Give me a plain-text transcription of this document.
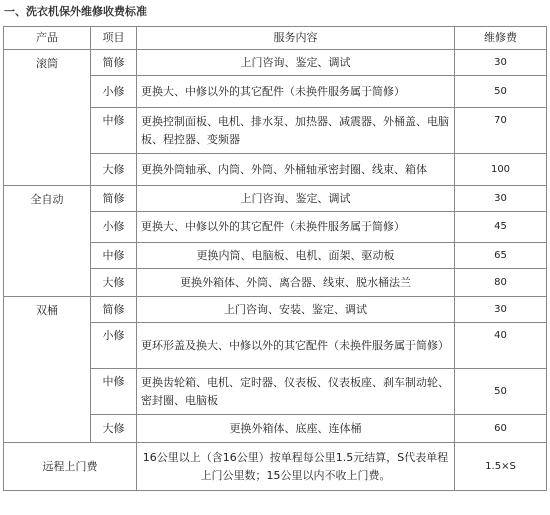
一、洗衣机保外维修收费标准
产品	项目	服务内容	维修费
滚筒	简修	上门咨询、鉴定、调试	30
	小修	更换大、中修以外的其它配件（未换件服务属于简修）	50
	中修	更换控制面板、电机、排水泵、加热器、减震器、外桶盖、电脑板、程控器、变频器	70
	大修	更换外筒轴承、内筒、外筒、外桶轴承密封圈、线束、箱体	100
全自动	简修	上门咨询、鉴定、调试	30
	小修	更换大、中修以外的其它配件（未换件服务属于简修）	45
	中修	更换内筒、电脑板、电机、面架、驱动板	65
	大修	更换外箱体、外筒、离合器、线束、脱水桶法兰	80
双桶	简修	上门咨询、安装、鉴定、调试	30
	小修	更环形盖及换大、中修以外的其它配件（未换件服务属于简修）	40
	中修	更换齿轮箱、电机、定时器、仪表板、仪表板座、刹车制动轮、密封圈、电脑板	50
	大修	更换外箱体、底座、连体桶	60
远程上门费		16公里以上（含16公里）按单程每公里1.5元结算，S代表单程上门公里数；15公里以内不收上门费。	1.5×S
